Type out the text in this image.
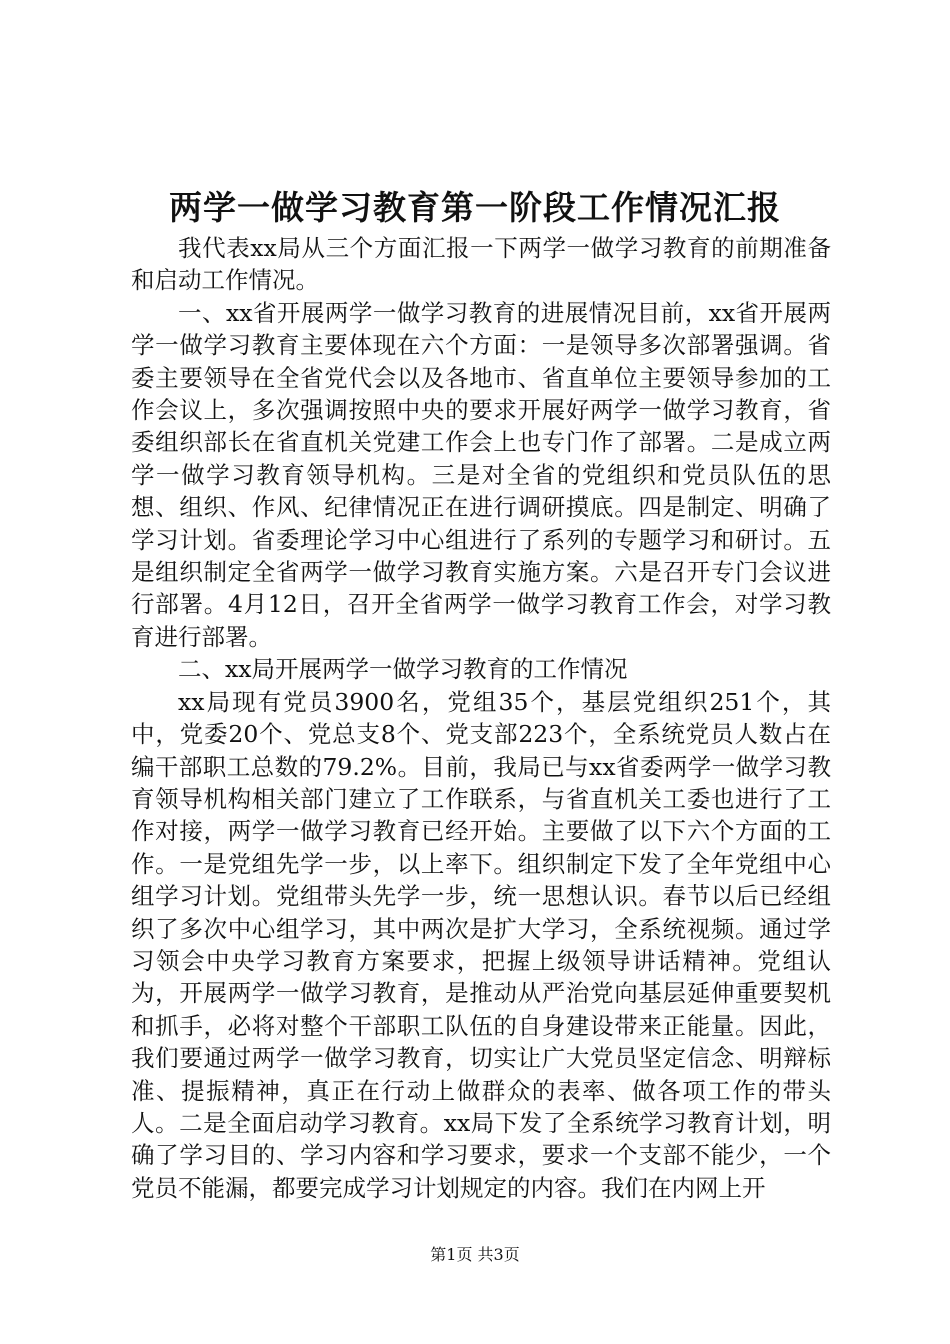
两学一做学习教育第一阶段工作情况汇报

我代表xx局从三个方面汇报一下两学一做学习教育的前期准备和启动工作情况。

一、xx省开展两学一做学习教育的进展情况目前，xx省开展两学一做学习教育主要体现在六个方面：一是领导多次部署强调。省委主要领导在全省党代会以及各地市、省直单位主要领导参加的工作会议上，多次强调按照中央的要求开展好两学一做学习教育，省委组织部长在省直机关党建工作会上也专门作了部署。二是成立两学一做学习教育领导机构。三是对全省的党组织和党员队伍的思想、组织、作风、纪律情况正在进行调研摸底。四是制定、明确了学习计划。省委理论学习中心组进行了系列的专题学习和研讨。五是组织制定全省两学一做学习教育实施方案。六是召开专门会议进行部署。4月12日，召开全省两学一做学习教育工作会，对学习教育进行部署。

二、xx局开展两学一做学习教育的工作情况

xx局现有党员3900名，党组35个，基层党组织251个，其中，党委20个、党总支8个、党支部223个，全系统党员人数占在编干部职工总数的79.2%。目前，我局已与xx省委两学一做学习教育领导机构相关部门建立了工作联系，与省直机关工委也进行了工作对接，两学一做学习教育已经开始。主要做了以下六个方面的工作。一是党组先学一步，以上率下。组织制定下发了全年党组中心组学习计划。党组带头先学一步，统一思想认识。春节以后已经组织了多次中心组学习，其中两次是扩大学习，全系统视频。通过学习领会中央学习教育方案要求，把握上级领导讲话精神。党组认为，开展两学一做学习教育，是推动从严治党向基层延伸重要契机和抓手，必将对整个干部职工队伍的自身建设带来正能量。因此，我们要通过两学一做学习教育，切实让广大党员坚定信念、明辩标准、提振精神，真正在行动上做群众的表率、做各项工作的带头人。二是全面启动学习教育。xx局下发了全系统学习教育计划，明确了学习目的、学习内容和学习要求，要求一个支部不能少，一个党员不能漏，都要完成学习计划规定的内容。我们在内网上开

第1页 共3页
